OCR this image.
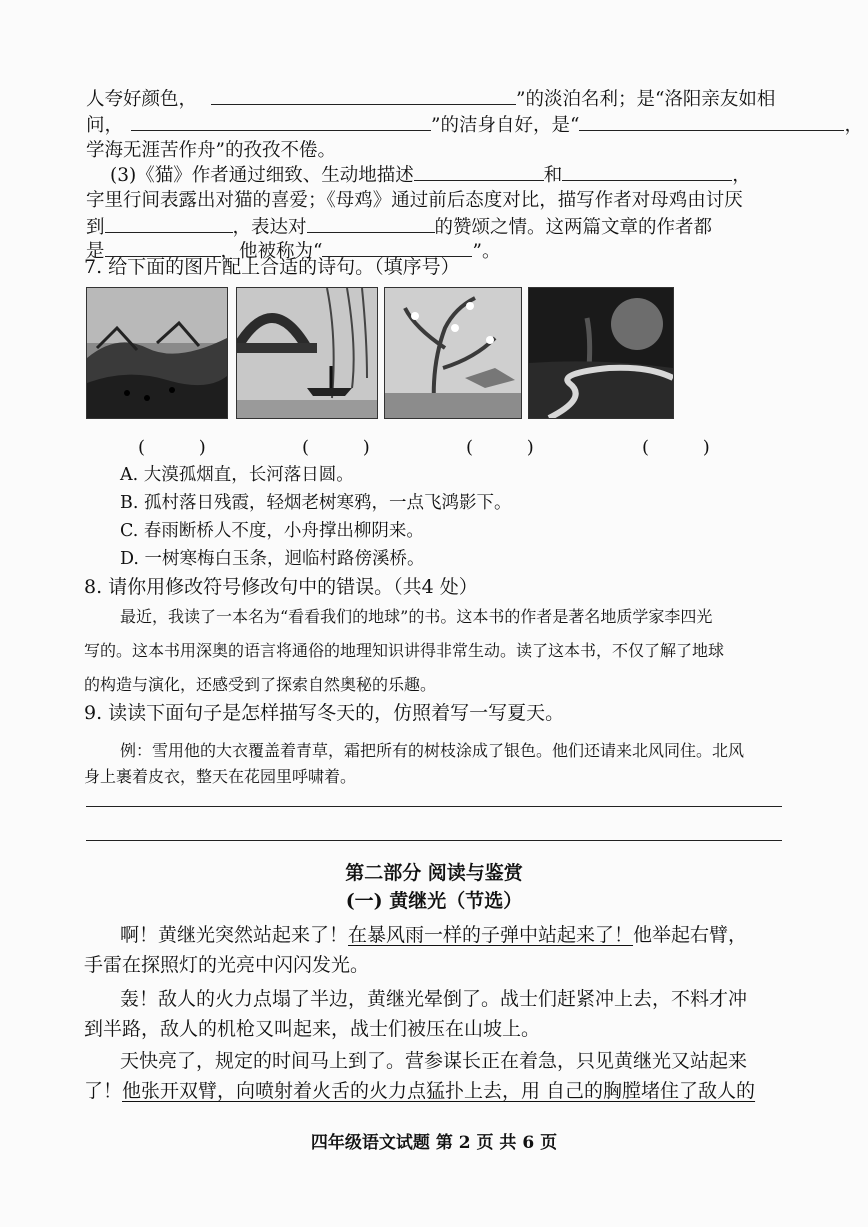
人夸好颜色，	”的淡泊名利；是“洛阳亲友如相
问，	”的洁身自好，是“	，
学海无涯苦作舟”的孜孜不倦。
(3)《猫》作者通过细致、生动地描述	和	，
字里行间表露出对猫的喜爱；《母鸡》通过前后态度对比，描写作者对母鸡由讨厌
到	，表达对	的赞颂之情。这两篇文章的作者都
是	，他被称为“	”。
7. 给下面的图片配上合适的诗句。（填序号）
( )	( )	( )	( )
A. 大漠孤烟直，长河落日圆。
B. 孤村落日残霞，轻烟老树寒鸦，一点飞鸿影下。
C. 春雨断桥人不度，小舟撑出柳阴来。
D. 一树寒梅白玉条，迥临村路傍溪桥。
8. 请你用修改符号修改句中的错误。（共4 处）
最近，我读了一本名为“看看我们的地球”的书。这本书的作者是著名地质学家李四光
写的。这本书用深奥的语言将通俗的地理知识讲得非常生动。读了这本书，不仅了解了地球
的构造与演化，还感受到了探索自然奥秘的乐趣。
9. 读读下面句子是怎样描写冬天的，仿照着写一写夏天。
例：雪用他的大衣覆盖着青草，霜把所有的树枝涂成了银色。他们还请来北风同住。北风
身上裹着皮衣，整天在花园里呼啸着。
第二部分 阅读与鉴赏
(一) 黄继光（节选）
啊！黄继光突然站起来了！在暴风雨一样的子弹中站起来了！他举起右臂，
手雷在探照灯的光亮中闪闪发光。
轰！敌人的火力点塌了半边，黄继光晕倒了。战士们赶紧冲上去，不料才冲
到半路，敌人的机枪又叫起来，战士们被压在山坡上。
天快亮了，规定的时间马上到了。营参谋长正在着急，只见黄继光又站起来
了！他张开双臂，向喷射着火舌的火力点猛扑上去，用 自己的胸膛堵住了敌人的
四年级语文试题 第 2 页 共 6 页
